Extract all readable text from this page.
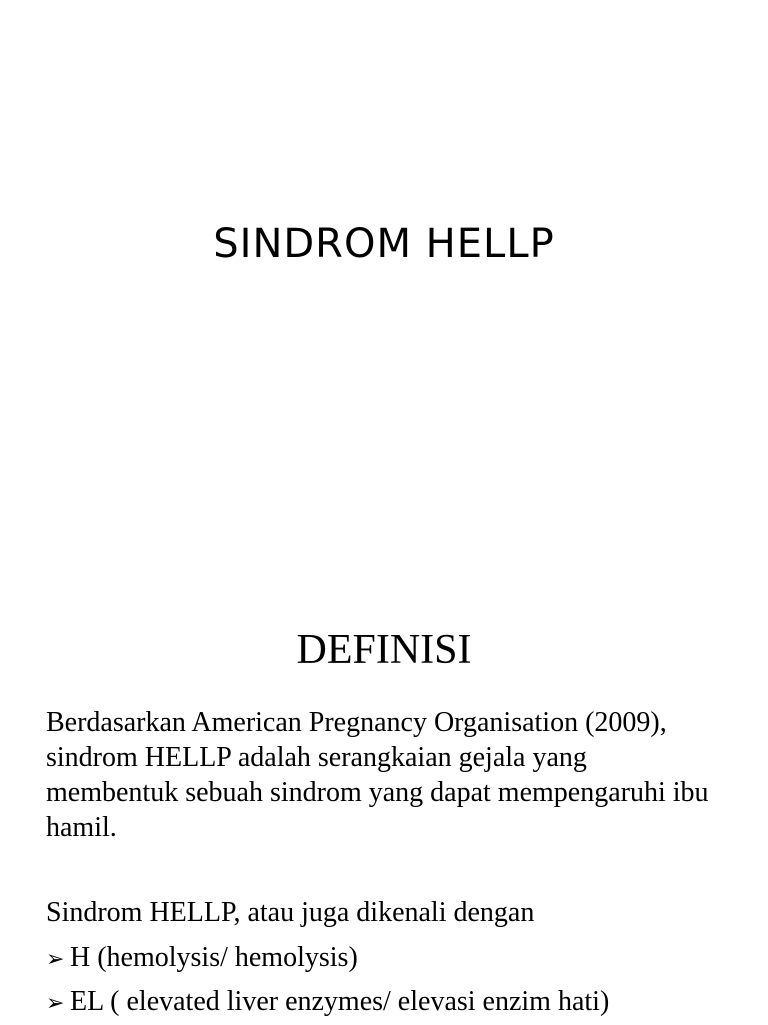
SINDROM HELLP
DEFINISI
Berdasarkan American Pregnancy Organisation (2009), sindrom HELLP adalah serangkaian gejala yang membentuk sebuah sindrom yang dapat mempengaruhi ibu hamil.
Sindrom HELLP, atau juga dikenali dengan
➢ H (hemolysis/ hemolysis)
➢ EL ( elevated liver enzymes/ elevasi enzim hati)
